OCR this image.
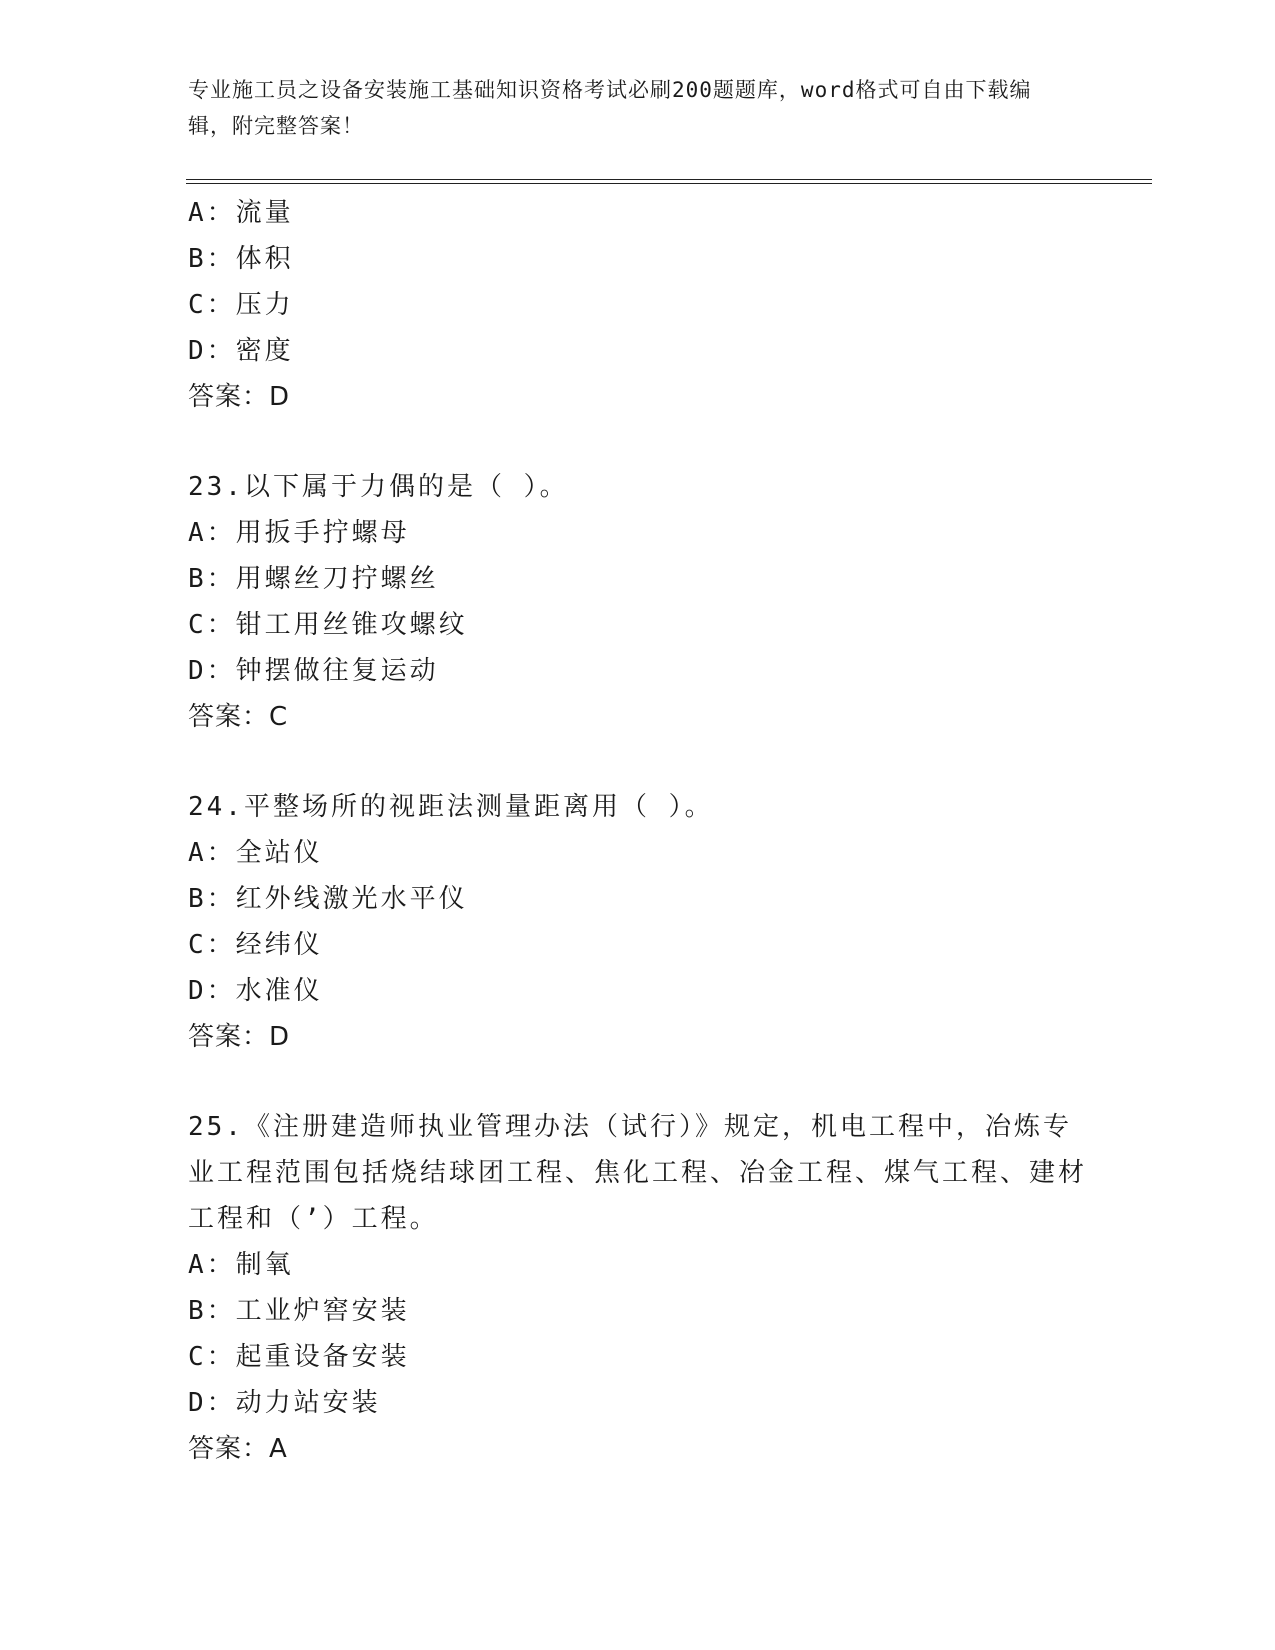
专业施工员之设备安装施工基础知识资格考试必刷200题题库，word格式可自由下载编辑，附完整答案！
A：流量
B：体积
C：压力
D：密度
答案：D
23.以下属于力偶的是（ ）。
A：用扳手拧螺母
B：用螺丝刀拧螺丝
C：钳工用丝锥攻螺纹
D：钟摆做往复运动
答案：C
24.平整场所的视距法测量距离用（ ）。
A：全站仪
B：红外线激光水平仪
C：经纬仪
D：水准仪
答案：D
25.《注册建造师执业管理办法（试行）》规定，机电工程中，冶炼专业工程范围包括烧结球团工程、焦化工程、冶金工程、煤气工程、建材工程和（’）工程。
A：制氧
B：工业炉窖安装
C：起重设备安装
D：动力站安装
答案：A
